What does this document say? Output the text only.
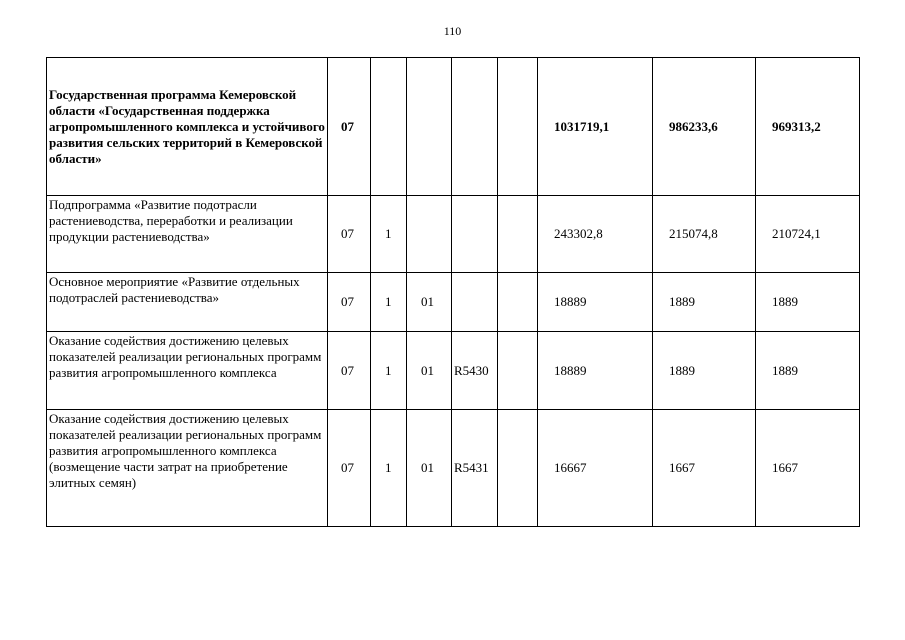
110
Государственная программа Кемеровской области «Государственная поддержка агропромышленного комплекса и устойчивого развития сельских территорий в Кемеровской области»	07					1031719,1	986233,6	969313,2
Подпрограмма «Развитие подотрасли растениеводства, переработки и реализации продукции растениеводства»	07	1				243302,8	215074,8	210724,1
Основное мероприятие «Развитие отдельных подотраслей растениеводства»	07	1	01			18889	1889	1889
Оказание содействия достижению целевых показателей реализации региональных программ развития агропромышленного комплекса	07	1	01	R5430		18889	1889	1889
Оказание содействия достижению целевых показателей реализации региональных программ развития агропромышленного комплекса (возмещение части затрат на приобретение элитных семян)	07	1	01	R5431		16667	1667	1667
